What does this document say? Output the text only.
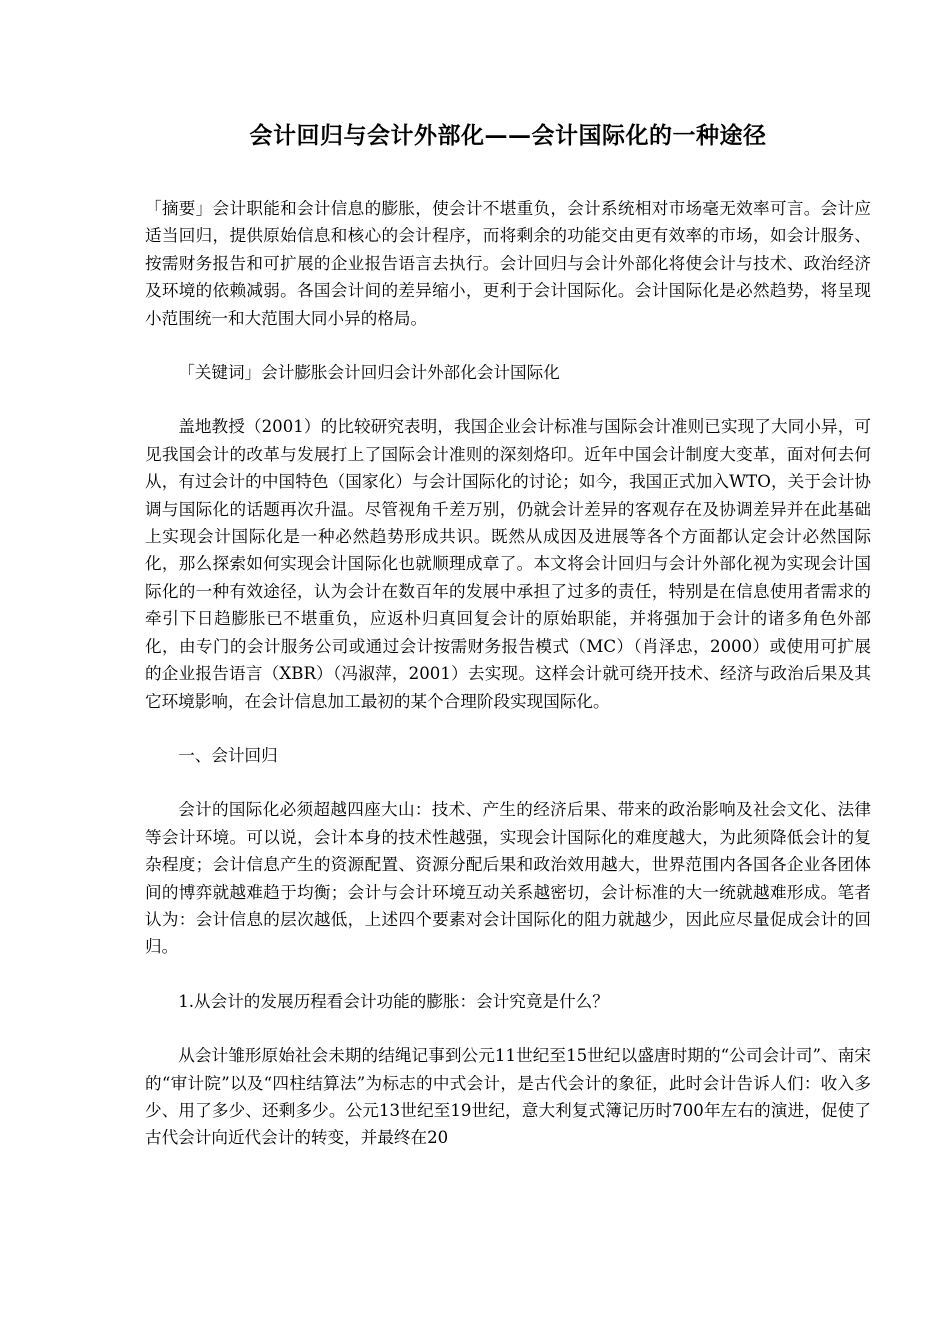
会计回归与会计外部化——会计国际化的一种途径

「摘要」会计职能和会计信息的膨胀，使会计不堪重负，会计系统相对市场毫无效率可言。会计应适当回归，提供原始信息和核心的会计程序，而将剩余的功能交由更有效率的市场，如会计服务、按需财务报告和可扩展的企业报告语言去执行。会计回归与会计外部化将使会计与技术、政治经济及环境的依赖减弱。各国会计间的差异缩小，更利于会计国际化。会计国际化是必然趋势，将呈现小范围统一和大范围大同小异的格局。

「关键词」会计膨胀会计回归会计外部化会计国际化

盖地教授（2001）的比较研究表明，我国企业会计标准与国际会计准则已实现了大同小异，可见我国会计的改革与发展打上了国际会计准则的深刻烙印。近年中国会计制度大变革，面对何去何从，有过会计的中国特色（国家化）与会计国际化的讨论；如今，我国正式加入WTO，关于会计协调与国际化的话题再次升温。尽管视角千差万别，仍就会计差异的客观存在及协调差异并在此基础上实现会计国际化是一种必然趋势形成共识。既然从成因及进展等各个方面都认定会计必然国际化，那么探索如何实现会计国际化也就顺理成章了。本文将会计回归与会计外部化视为实现会计国际化的一种有效途径，认为会计在数百年的发展中承担了过多的责任，特别是在信息使用者需求的牵引下日趋膨胀已不堪重负，应返朴归真回复会计的原始职能，并将强加于会计的诸多角色外部化，由专门的会计服务公司或通过会计按需财务报告模式（MC）（肖泽忠，2000）或使用可扩展的企业报告语言（XBR）（冯淑萍，2001）去实现。这样会计就可绕开技术、经济与政治后果及其它环境影响，在会计信息加工最初的某个合理阶段实现国际化。

一、会计回归

会计的国际化必须超越四座大山：技术、产生的经济后果、带来的政治影响及社会文化、法律等会计环境。可以说，会计本身的技术性越强，实现会计国际化的难度越大，为此须降低会计的复杂程度；会计信息产生的资源配置、资源分配后果和政治效用越大，世界范围内各国各企业各团体间的博弈就越难趋于均衡；会计与会计环境互动关系越密切，会计标准的大一统就越难形成。笔者认为：会计信息的层次越低，上述四个要素对会计国际化的阻力就越少，因此应尽量促成会计的回归。

1.从会计的发展历程看会计功能的膨胀：会计究竟是什么？

从会计雏形原始社会未期的结绳记事到公元11世纪至15世纪以盛唐时期的“公司会计司”、南宋的“审计院”以及“四柱结算法”为标志的中式会计，是古代会计的象征，此时会计告诉人们：收入多少、用了多少、还剩多少。公元13世纪至19世纪，意大利复式簿记历时700年左右的演进，促使了古代会计向近代会计的转变，并最终在20
